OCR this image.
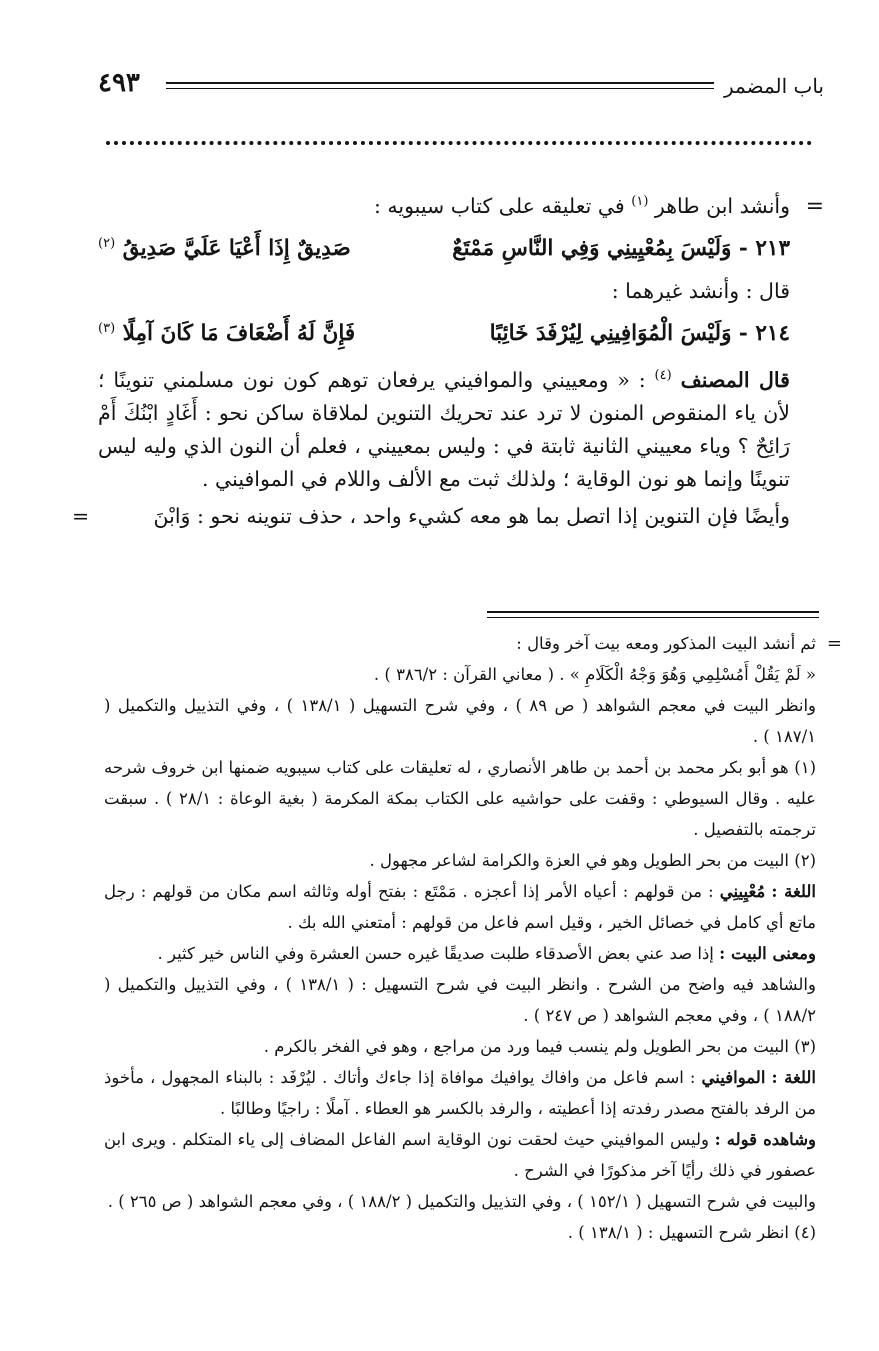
باب المضمر
٤٩٣
=

وأنشد ابن طاهر $^{(١)}$ في تعليقه على كتاب سيبويه :

٢١٣ - وَلَيْسَ بِمُعْيِينِي وَفِي النَّاسِ مَمْتَعٌ
صَدِيقٌ إِذَا أَعْيَا عَلَيَّ صَدِيقُ $^{(٢)}$

قال : وأنشد غيرهما :

٢١٤ - وَلَيْسَ الْمُوَافِينِي لِيُرْفَدَ خَائِبًا
فَإِنَّ لَهُ أَضْعَافَ مَا كَانَ آمِلًا $^{(٣)}$

قال المصنف $^{(٤)}$ : « ومعييني والموافيني يرفعان توهم كون نون مسلمني تنوينًا ؛ لأن ياء المنقوص المنون لا ترد عند تحريك التنوين لملاقاة ساكن نحو : أَغَادٍ ابْنُكَ أَمْ رَائِحٌ ؟ وياء معييني الثانية ثابتة في : وليس بمعييني ، فعلم أن النون الذي وليه ليس تنوينًا وإنما هو نون الوقاية ؛ ولذلك ثبت مع الألف واللام في الموافيني .

وأيضًا فإن التنوين إذا اتصل بما هو معه كشيء واحد ، حذف تنوينه نحو : وَابْنَ
=

=

ثم أنشد البيت المذكور ومعه بيت آخر وقال :

« لَمْ يَقُلْ أَمُسْلِمِي وَهُوَ وَجْهُ الْكَلَامِ » . ( معاني القرآن : ٣٨٦/٢ ) .

وانظر البيت في معجم الشواهد ( ص ٨٩ ) ، وفي شرح التسهيل ( ١٣٨/١ ) ، وفي التذييل والتكميل ( ١٨٧/١ ) .

(١) هو أبو بكر محمد بن أحمد بن طاهر الأنصاري ، له تعليقات على كتاب سيبويه ضمنها ابن خروف شرحه عليه . وقال السيوطي : وقفت على حواشيه على الكتاب بمكة المكرمة ( بغية الوعاة : ٢٨/١ ) . سبقت ترجمته بالتفصيل .

(٢) البيت من بحر الطويل وهو في العزة والكرامة لشاعر مجهول .

اللغة : مُعْيِينِي : من قولهم : أعياه الأمر إذا أعجزه . مَمْتَع : بفتح أوله وثالثه اسم مكان من قولهم : رجل ماتع أي كامل في خصائل الخير ، وقيل اسم فاعل من قولهم : أمتعني الله بك .

ومعنى البيت : إذا صد عني بعض الأصدقاء طلبت صديقًا غيره حسن العشرة وفي الناس خير كثير .

والشاهد فيه واضح من الشرح . وانظر البيت في شرح التسهيل : ( ١٣٨/١ ) ، وفي التذييل والتكميل ( ١٨٨/٢ ) ، وفي معجم الشواهد ( ص ٢٤٧ ) .

(٣) البيت من بحر الطويل ولم ينسب فيما ورد من مراجع ، وهو في الفخر بالكرم .

اللغة : الموافيني : اسم فاعل من وافاك يوافيك موافاة إذا جاءك وأتاك . ليُرْفَد : بالبناء المجهول ، مأخوذ من الرفد بالفتح مصدر رفدته إذا أعطيته ، والرفد بالكسر هو العطاء . آملًا : راجيًا وطالبًا .

وشاهده قوله : وليس الموافيني حيث لحقت نون الوقاية اسم الفاعل المضاف إلى ياء المتكلم . ويرى ابن عصفور في ذلك رأيًا آخر مذكورًا في الشرح .

والبيت في شرح التسهيل ( ١٥٢/١ ) ، وفي التذييل والتكميل ( ١٨٨/٢ ) ، وفي معجم الشواهد ( ص ٢٦٥ ) .

(٤) انظر شرح التسهيل : ( ١٣٨/١ ) .
